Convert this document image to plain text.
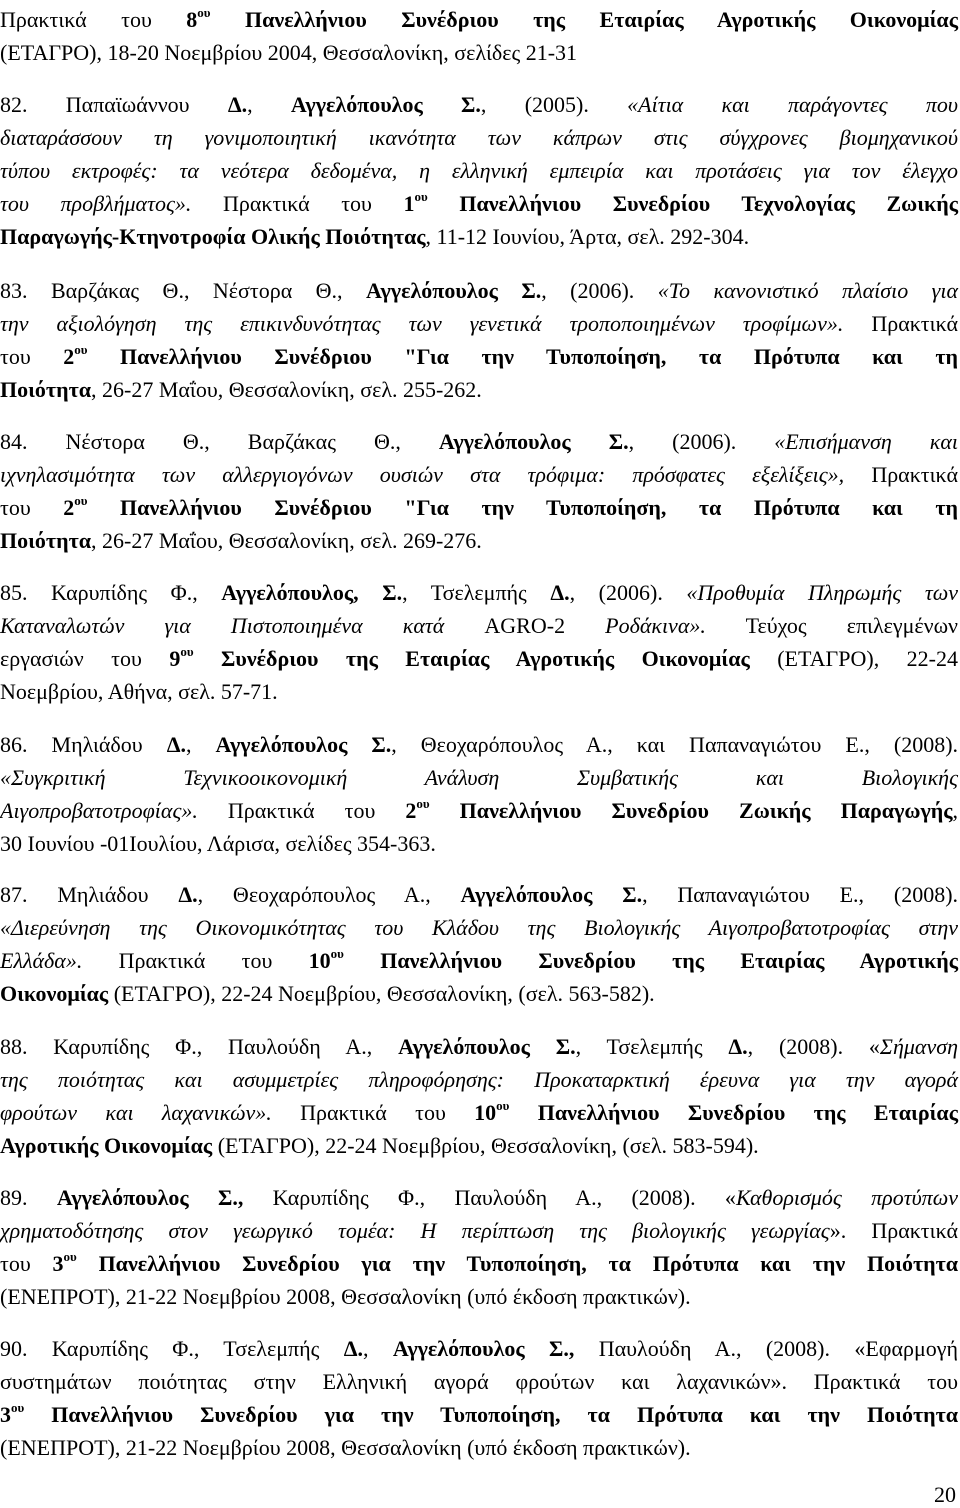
Πρακτικά του $8^{o\upsilon}$ Πανελλήνιου Συνέδριου της Εταιρίας Αγροτικής Οικονομίας
(ΕΤΑΓΡΟ), 18-20 Νοεμβρίου 2004, Θεσσαλονίκη, σελίδες 21-31
82. Παπαϊωάννου Δ., Αγγελόπουλος Σ., (2005). «Αίτια και παράγοντες που
διαταράσσουν τη γονιμοποιητική ικανότητα των κάπρων στις σύγχρονες βιομηχανικού
τύπου εκτροφές: τα νεότερα δεδομένα, η ελληνική εμπειρία και προτάσεις για τον έλεγχο
του προβλήματος». Πρακτικά του $1^{o\upsilon}$ Πανελλήνιου Συνεδρίου Τεχνολογίας Ζωικής
Παραγωγής-Κτηνοτροφία Ολικής Ποιότητας, 11-12 Ιουνίου, Άρτα, σελ. 292-304.
83. Βαρζάκας Θ., Νέστορα Θ., Αγγελόπουλος Σ., (2006). «Το κανονιστικό πλαίσιο για
την αξιολόγηση της επικινδυνότητας των γενετικά τροποποιημένων τροφίμων». Πρακτικά
του $2^{o\upsilon}$ Πανελλήνιου Συνέδριου "Για την Τυποποίηση, τα Πρότυπα και τη
Ποιότητα, 26-27 Μαΐου, Θεσσαλονίκη, σελ. 255-262.
84. Νέστορα Θ., Βαρζάκας Θ., Αγγελόπουλος Σ., (2006). «Επισήμανση και
ιχνηλασιμότητα των αλλεργιογόνων ουσιών στα τρόφιμα: πρόσφατες εξελίξεις», Πρακτικά
του $2^{o\upsilon}$ Πανελλήνιου Συνέδριου "Για την Τυποποίηση, τα Πρότυπα και τη
Ποιότητα, 26-27 Μαΐου, Θεσσαλονίκη, σελ. 269-276.
85. Καρυπίδης Φ., Αγγελόπουλος, Σ., Τσελεμπής Δ., (2006). «Προθυμία Πληρωμής των
Καταναλωτών για Πιστοποιημένα κατά AGRO-2 Ροδάκινα». Τεύχος επιλεγμένων
εργασιών του $9^{o\upsilon}$ Συνέδριου της Εταιρίας Αγροτικής Οικονομίας (ΕΤΑΓΡΟ), 22-24
Νοεμβρίου, Αθήνα, σελ. 57-71.
86. Μηλιάδου Δ., Αγγελόπουλος Σ., Θεοχαρόπουλος Α., και Παπαναγιώτου Ε., (2008).
«Συγκριτική Τεχνικοοικονομική Ανάλυση Συμβατικής και Βιολογικής
Αιγοπροβατοτροφίας». Πρακτικά του $2^{o\upsilon}$ Πανελλήνιου Συνεδρίου Ζωικής Παραγωγής,
30 Ιουνίου -01Ιουλίου, Λάρισα, σελίδες 354-363.
87. Μηλιάδου Δ., Θεοχαρόπουλος Α., Αγγελόπουλος Σ., Παπαναγιώτου Ε., (2008).
«Διερεύνηση της Οικονομικότητας του Κλάδου της Βιολογικής Αιγοπροβατοτροφίας στην
Ελλάδα». Πρακτικά του $10^{o\upsilon}$ Πανελλήνιου Συνεδρίου της Εταιρίας Αγροτικής
Οικονομίας (ΕΤΑΓΡΟ), 22-24 Νοεμβρίου, Θεσσαλονίκη, (σελ. 563-582).
88. Καρυπίδης Φ., Παυλούδη Α., Αγγελόπουλος Σ., Τσελεμπής Δ., (2008). «Σήμανση
της ποιότητας και ασυμμετρίες πληροφόρησης: Προκαταρκτική έρευνα για την αγορά
φρούτων και λαχανικών». Πρακτικά του $10^{o\upsilon}$ Πανελλήνιου Συνεδρίου της Εταιρίας
Αγροτικής Οικονομίας (ΕΤΑΓΡΟ), 22-24 Νοεμβρίου, Θεσσαλονίκη, (σελ. 583-594).
89. Αγγελόπουλος Σ., Καρυπίδης Φ., Παυλούδη Α., (2008). «Καθορισμός προτύπων
χρηματοδότησης στον γεωργικό τομέα: Η περίπτωση της βιολογικής γεωργίας». Πρακτικά
του $3^{o\upsilon}$ Πανελλήνιου Συνεδρίου για την Τυποποίηση, τα Πρότυπα και την Ποιότητα
(ΕΝΕΠΡΟΤ), 21-22 Νοεμβρίου 2008, Θεσσαλονίκη (υπό έκδοση πρακτικών).
90. Καρυπίδης Φ., Τσελεμπής Δ., Αγγελόπουλος Σ., Παυλούδη Α., (2008). «Εφαρμογή
συστημάτων ποιότητας στην Ελληνική αγορά φρούτων και λαχανικών». Πρακτικά του
$3^{o\upsilon}$ Πανελλήνιου Συνεδρίου για την Τυποποίηση, τα Πρότυπα και την Ποιότητα
(ΕΝΕΠΡΟΤ), 21-22 Νοεμβρίου 2008, Θεσσαλονίκη (υπό έκδοση πρακτικών).
20
